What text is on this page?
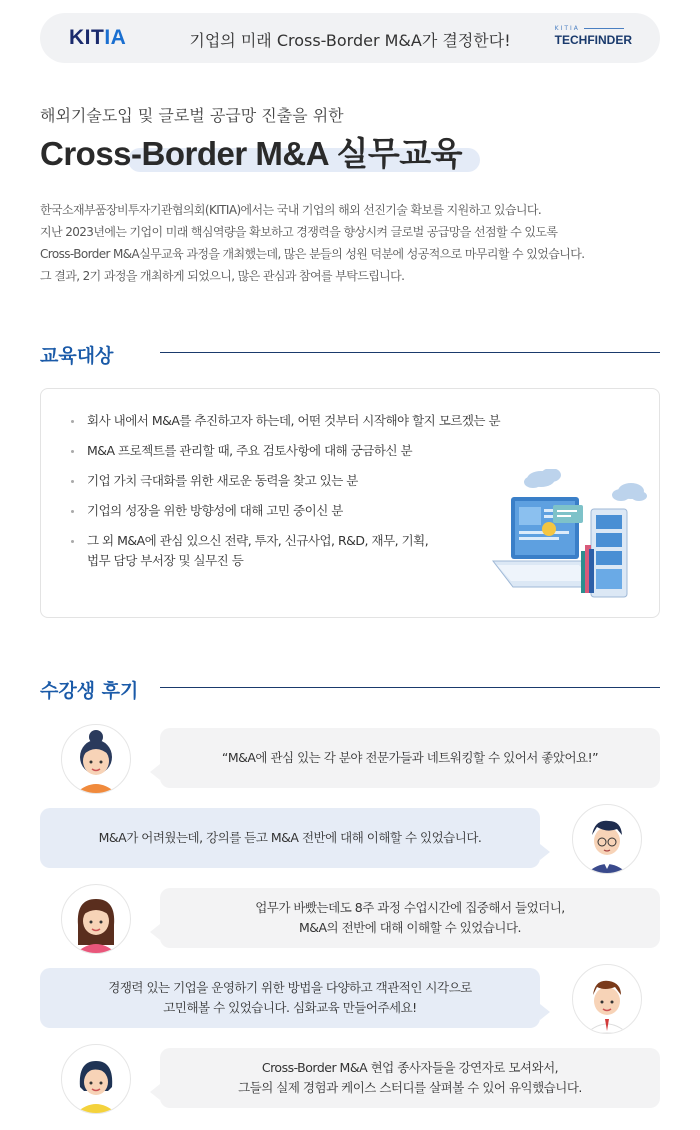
KITIA	기업의 미래 Cross-Border M&A가 결정한다!
KITIA
TECHFINDER
해외기술도입 및 글로벌 공급망 진출을 위한
Cross-Border M&A 실무교육

한국소재부품장비투자기관협의회(KITIA)에서는 국내 기업의 해외 선진기술 확보를 지원하고 있습니다.

지난 2023년에는 기업이 미래 핵심역량을 확보하고 경쟁력을 향상시켜 글로벌 공급망을 선점할 수 있도록

Cross-Border M&A실무교육 과정을 개최했는데, 많은 분들의 성원 덕분에 성공적으로 마무리할 수 있었습니다.

그 결과, 2기 과정을 개최하게 되었으니, 많은 관심과 참여를 부탁드립니다.

교육대상
회사 내에서 M&A를 추진하고자 하는데, 어떤 것부터 시작해야 할지 모르겠는 분
M&A 프로젝트를 관리할 때, 주요 검토사항에 대해 궁금하신 분
기업 가치 극대화를 위한 새로운 동력을 찾고 있는 분
기업의 성장을 위한 방향성에 대해 고민 중이신 분
그 외 M&A에 관심 있으신 전략, 투자, 신규사업, R&D, 재무, 기획,
법무 담당 부서장 및 실무진 등
수강생 후기
“M&A에 관심 있는 각 분야 전문가들과 네트워킹할 수 있어서 좋았어요!”
M&A가 어려웠는데, 강의를 듣고 M&A 전반에 대해 이해할 수 있었습니다.
업무가 바빴는데도 8주 과정 수업시간에 집중해서 들었더니,
M&A의 전반에 대해 이해할 수 있었습니다.
경쟁력 있는 기업을 운영하기 위한 방법을 다양하고 객관적인 시각으로
고민해볼 수 있었습니다. 심화교육 만들어주세요!
Cross-Border M&A 현업 종사자들을 강연자로 모셔와서,
그들의 실제 경험과 케이스 스터디를 살펴볼 수 있어 유익했습니다.
